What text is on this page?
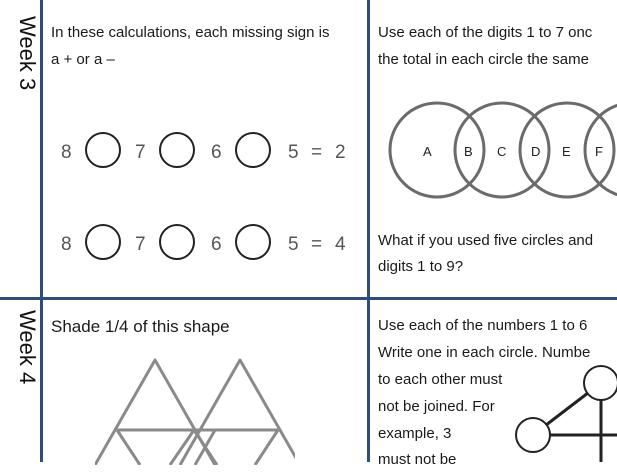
Week 3
Week 4
In these calculations, each missing sign is
a + or a –
8	7	6	5 = 2
8	7	6	5 = 4
Use each of the digits 1 to 7 onc
the total in each circle the same
A B C D E F
What if you used five circles and
digits 1 to 9?
Shade 1/4 of this shape	Use each of the numbers 1 to 6
Write one in each circle. Numbe
to each other must
not be joined. For
example, 3
must not be
